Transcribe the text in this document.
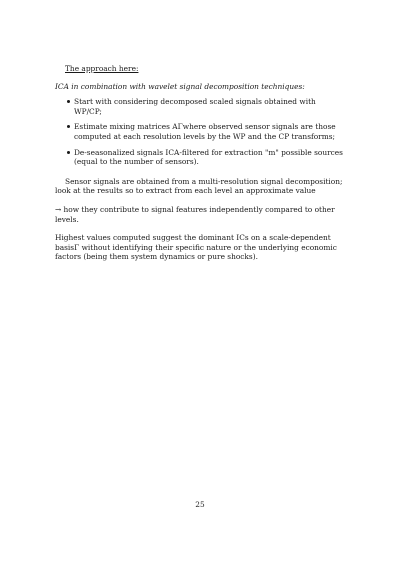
The approach here:
ICA in combination with wavelet signal decomposition techniques:
Start with considering decomposed scaled signals obtained with WP/CP;
Estimate mixing matrices AΓwhere observed sensor signals are those computed at each resolution levels by the WP and the CP transforms;
De-seasonalized signals ICA-filtered for extraction "m" possible sources (equal to the number of sensors).

Sensor signals are obtained from a multi-resolution signal decomposition; look at the results so to extract from each level an approximate value

→ how they contribute to signal features independently compared to other levels.

Highest values computed suggest the dominant ICs on a scale-dependent basisΓ without identifying their specific nature or the underlying economic factors (being them system dynamics or pure shocks).

25
